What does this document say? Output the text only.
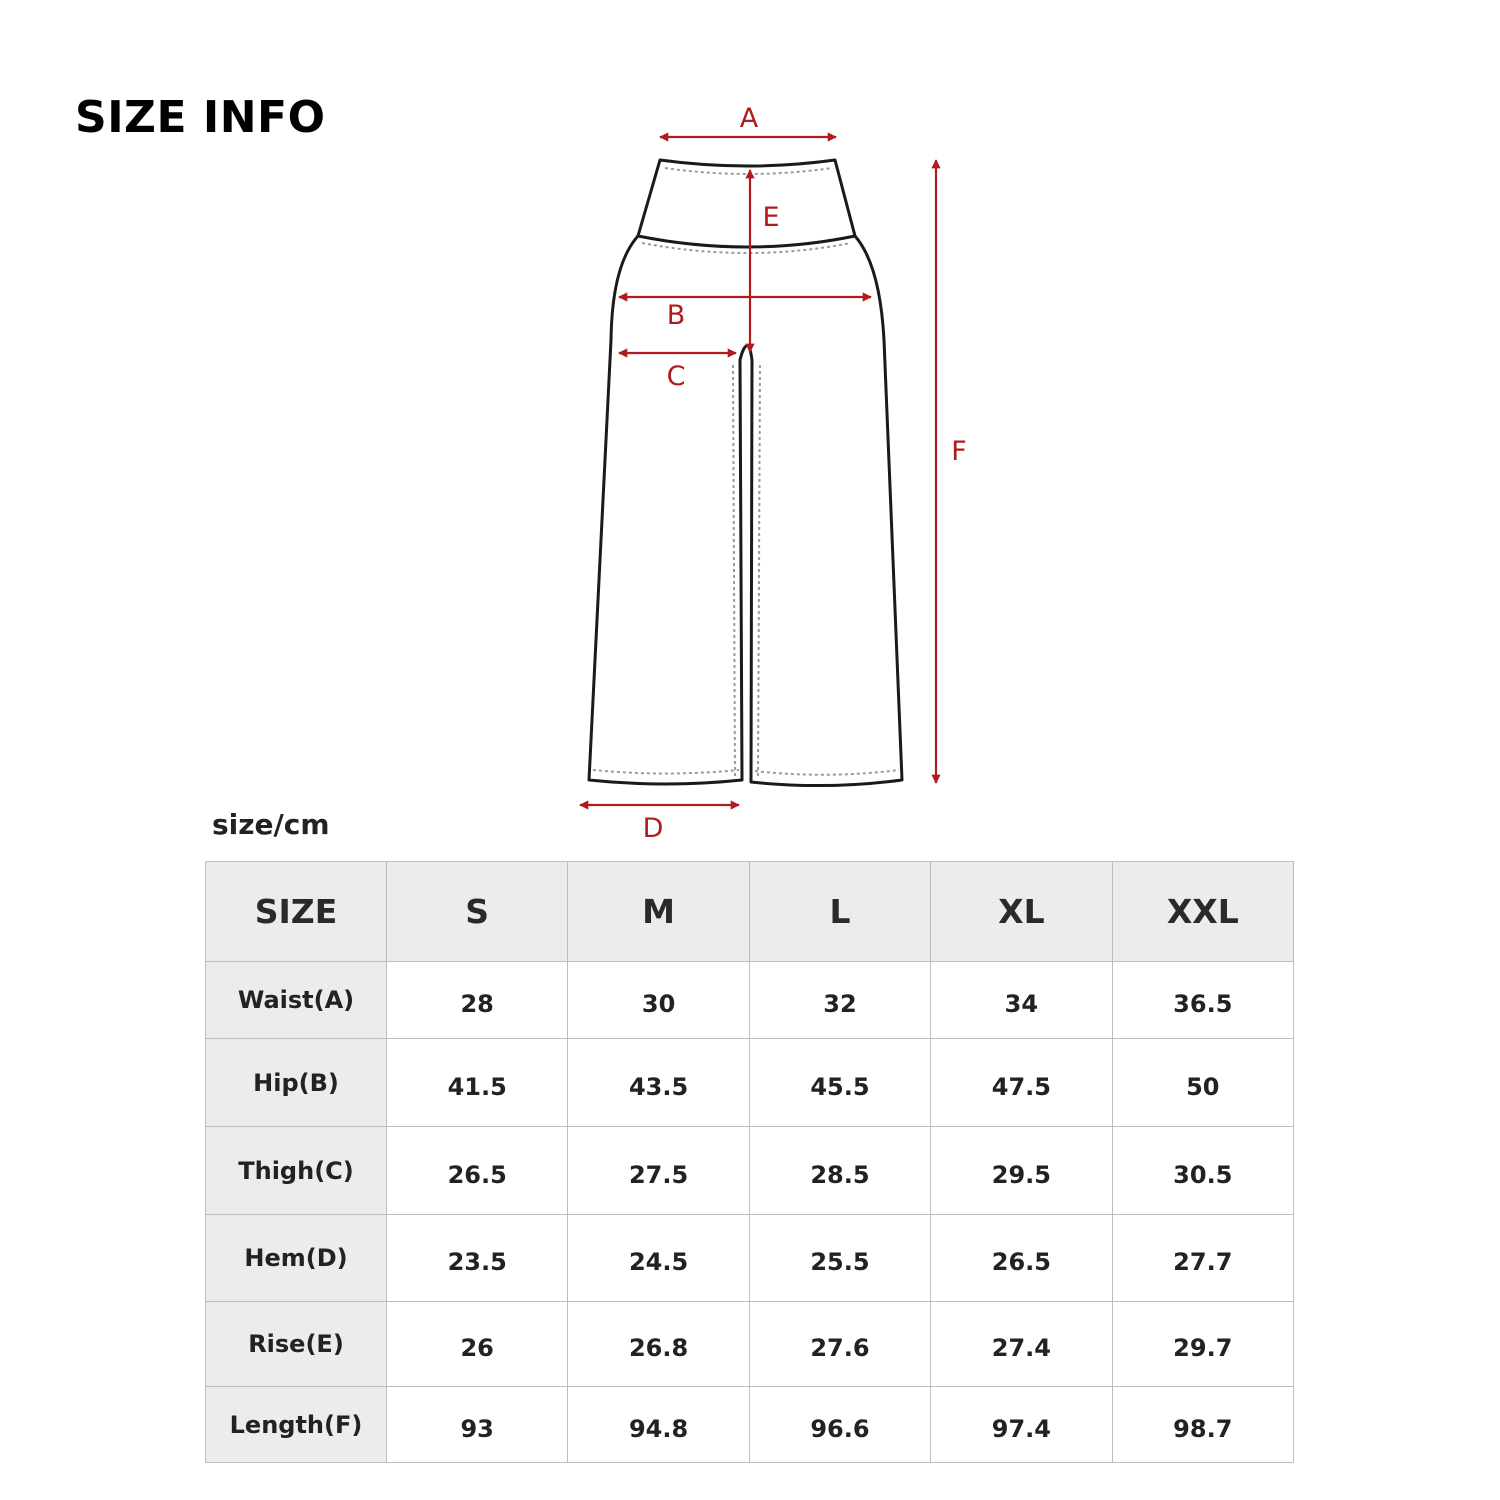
SIZE INFO	A
E
B
C
F
D
size/cm
SIZE	S	M	L	XL	XXL
Waist(A)	28	30	32	34	36.5
Hip(B)	41.5	43.5	45.5	47.5	50
Thigh(C)	26.5	27.5	28.5	29.5	30.5
Hem(D)	23.5	24.5	25.5	26.5	27.7
Rise(E)	26	26.8	27.6	27.4	29.7
Length(F)	93	94.8	96.6	97.4	98.7
